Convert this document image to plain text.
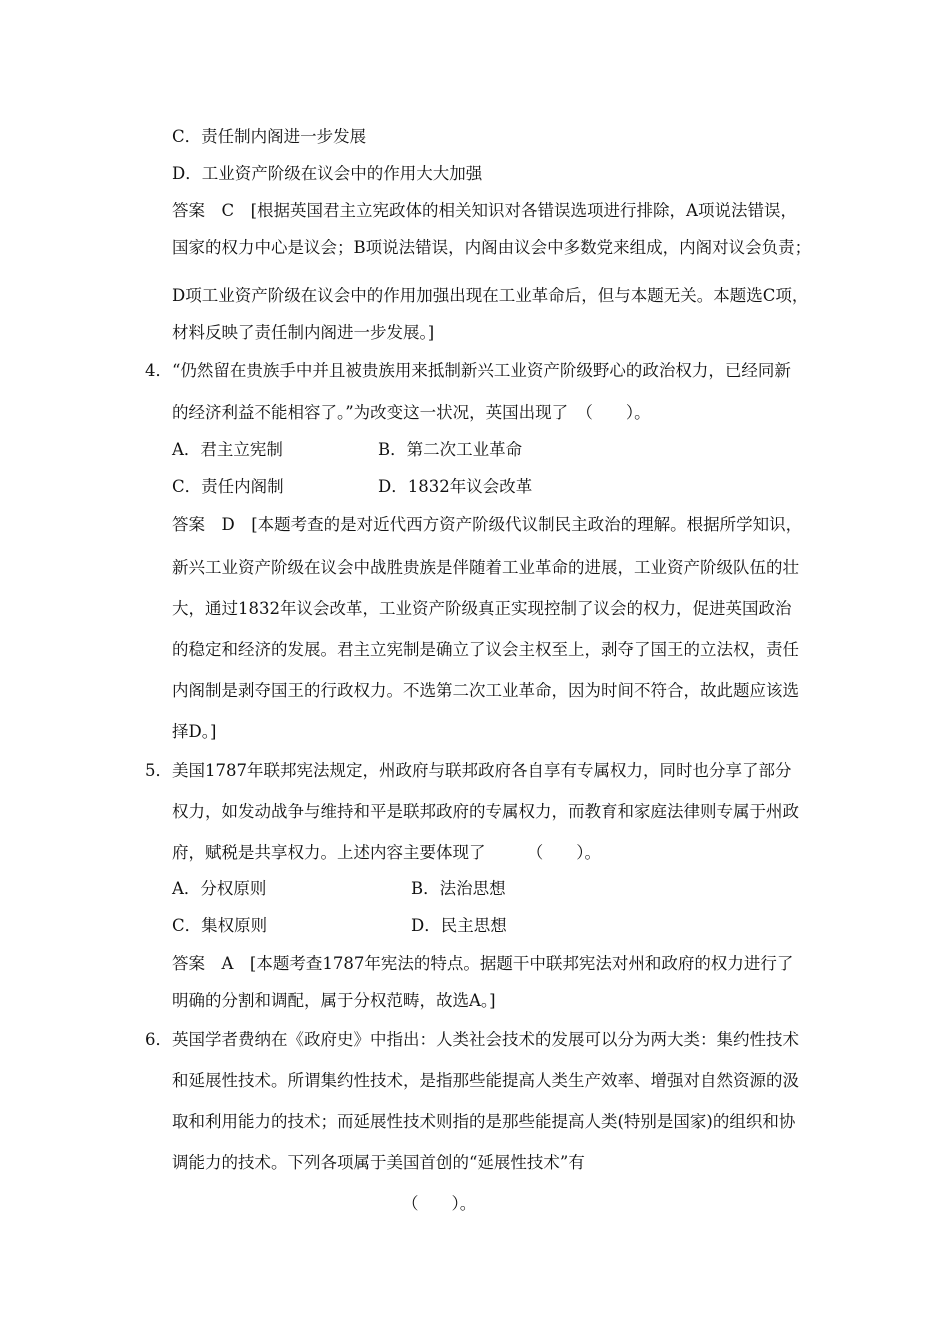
C．责任制内阁进一步发展
D．工业资产阶级在议会中的作用大大加强
答案　C　[根据英国君主立宪政体的相关知识对各错误选项进行排除，A项说法错误，
国家的权力中心是议会；B项说法错误，内阁由议会中多数党来组成，内阁对议会负责；
D项工业资产阶级在议会中的作用加强出现在工业革命后，但与本题无关。本题选C项，
材料反映了责任制内阁进一步发展。]
4． “仍然留在贵族手中并且被贵族用来抵制新兴工业资产阶级野心的政治权力，已经同新
的经济利益不能相容了。”为改变这一状况，英国出现了　（　　）。
A．君主立宪制	B．第二次工业革命
C．责任内阁制	D．1832年议会改革
答案　D　[本题考查的是对近代西方资产阶级代议制民主政治的理解。根据所学知识，
新兴工业资产阶级在议会中战胜贵族是伴随着工业革命的进展，工业资产阶级队伍的壮
大，通过1832年议会改革，工业资产阶级真正实现控制了议会的权力，促进英国政治
的稳定和经济的发展。君主立宪制是确立了议会主权至上，剥夺了国王的立法权，责任
内阁制是剥夺国王的行政权力。不选第二次工业革命，因为时间不符合，故此题应该选
择D。]
5． 美国1787年联邦宪法规定，州政府与联邦政府各自享有专属权力，同时也分享了部分
权力，如发动战争与维持和平是联邦政府的专属权力，而教育和家庭法律则专属于州政
府，赋税是共享权力。上述内容主要体现了　　　（　　）。
A．分权原则	B．法治思想
C．集权原则	D．民主思想
答案　A　[本题考查1787年宪法的特点。据题干中联邦宪法对州和政府的权力进行了
明确的分割和调配，属于分权范畴，故选A。]
6． 英国学者费纳在《政府史》中指出：人类社会技术的发展可以分为两大类：集约性技术
和延展性技术。所谓集约性技术，是指那些能提高人类生产效率、增强对自然资源的汲
取和利用能力的技术；而延展性技术则指的是那些能提高人类(特别是国家)的组织和协
调能力的技术。下列各项属于美国首创的“延展性技术”有
（　　）。
